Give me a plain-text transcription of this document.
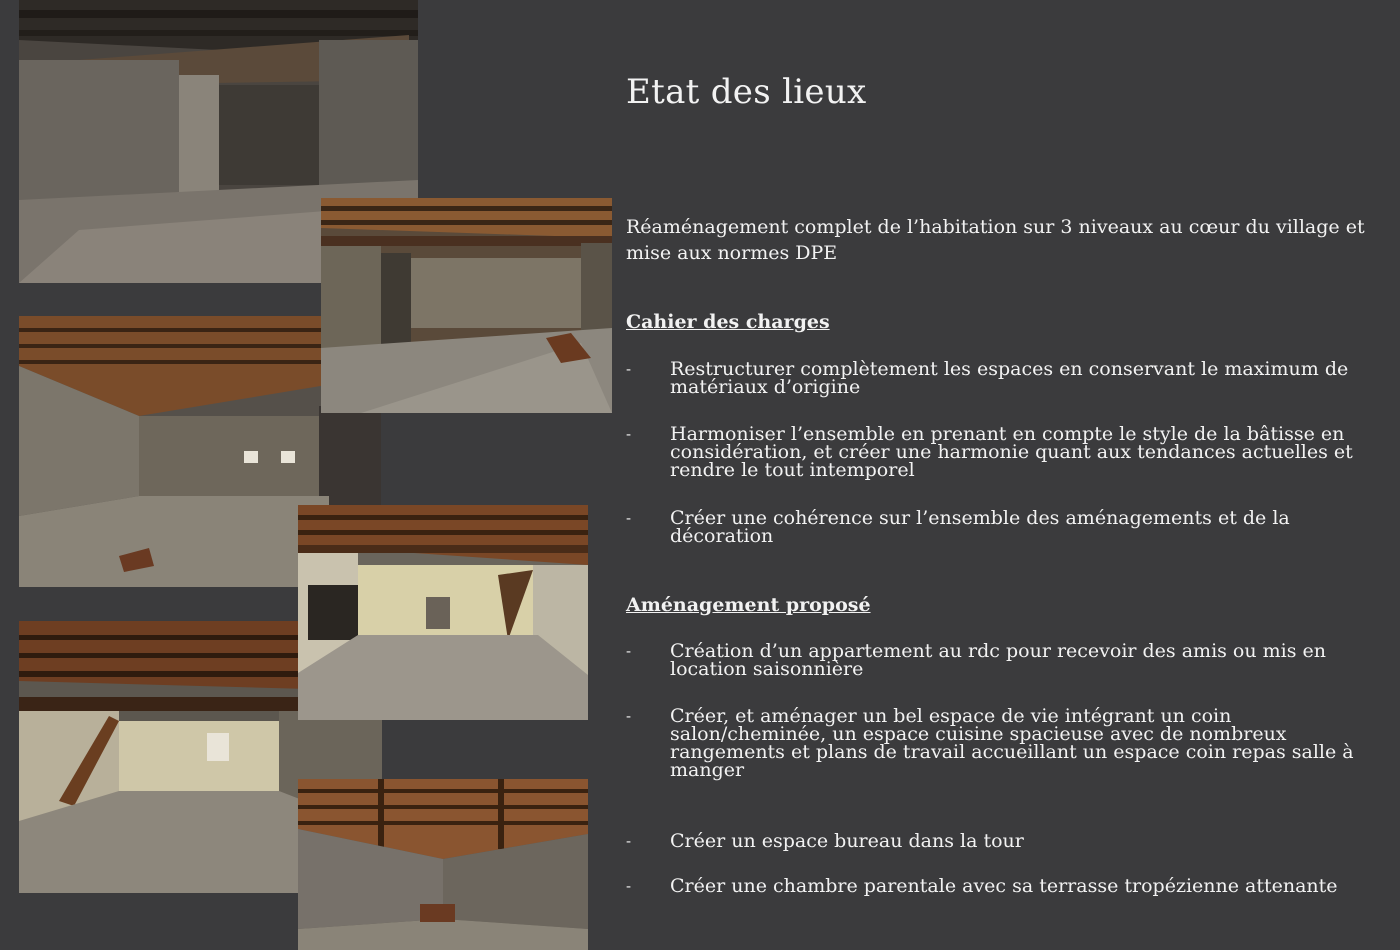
Etat des lieux

Réaménagement complet de l’habitation sur 3 niveaux au cœur du village et mise aux normes DPE

Cahier des charges
- Restructurer complètement les espaces en conservant le maximum de matériaux d’origine
- Harmoniser l’ensemble en prenant en compte le style de la bâtisse en considération, et créer une harmonie quant aux tendances actuelles et rendre le tout intemporel
- Créer une cohérence sur l’ensemble des aménagements et de la décoration
Aménagement proposé
- Création d’un appartement au rdc pour recevoir des amis ou mis en location saisonnière
- Créer, et aménager un bel espace de vie intégrant un coin salon/cheminée, un espace cuisine spacieuse avec de nombreux rangements et plans de travail accueillant un espace coin repas salle à manger
- Créer un espace bureau dans la tour
- Créer une chambre parentale avec sa terrasse tropézienne attenante
